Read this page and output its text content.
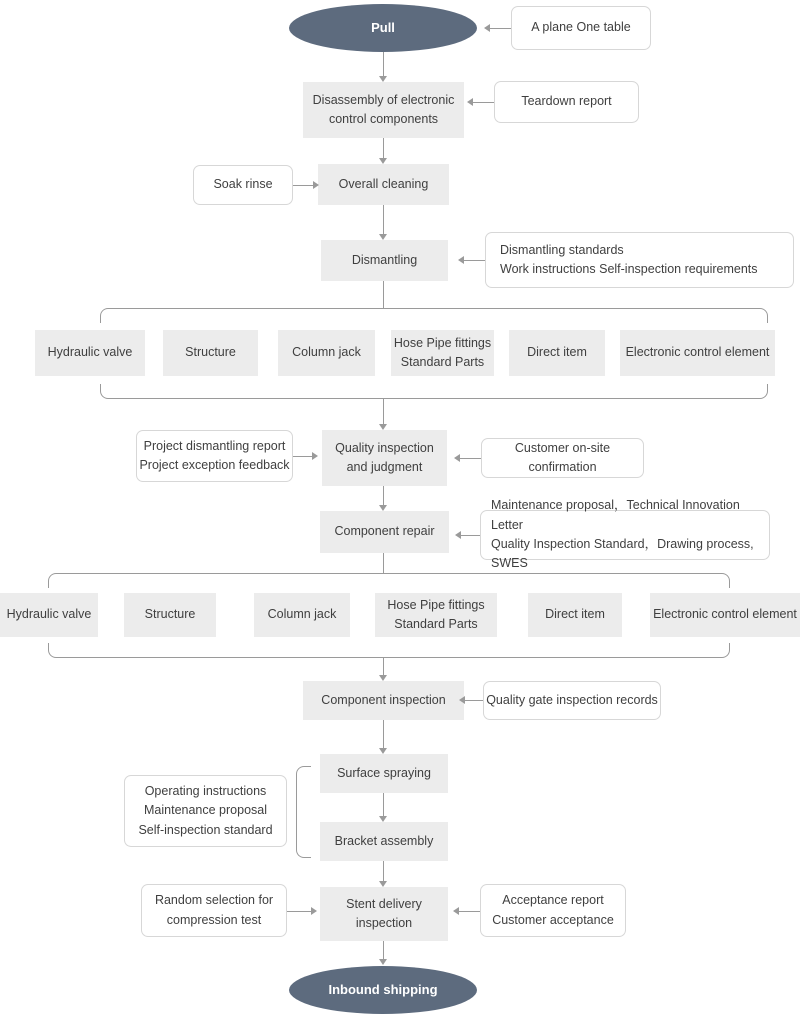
Pull	A plane One table
Disassembly of electronic
control components
Teardown report
Overall cleaning
Soak rinse
Dismantling
Dismantling standards
Work instructions Self-inspection requirements
Hydraulic valve	Structure	Column jack
Hose Pipe fittings
Standard Parts
Direct item	Electronic control element
Quality inspection
and judgment
Project dismantling report
Project exception feedback
Customer on-site confirmation
Component repair
Maintenance proposal，Technical Innovation Letter
Quality Inspection Standard，Drawing process, SWES
Hydraulic valve	Structure	Column jack
Hose Pipe fittings
Standard Parts
Direct item	Electronic control element
Component inspection	Quality gate inspection records
Surface spraying
Bracket assembly
Operating instructions
Maintenance proposal
Self-inspection standard
Stent delivery
inspection
Random selection for
compression test
Acceptance report
Customer acceptance
Inbound shipping
